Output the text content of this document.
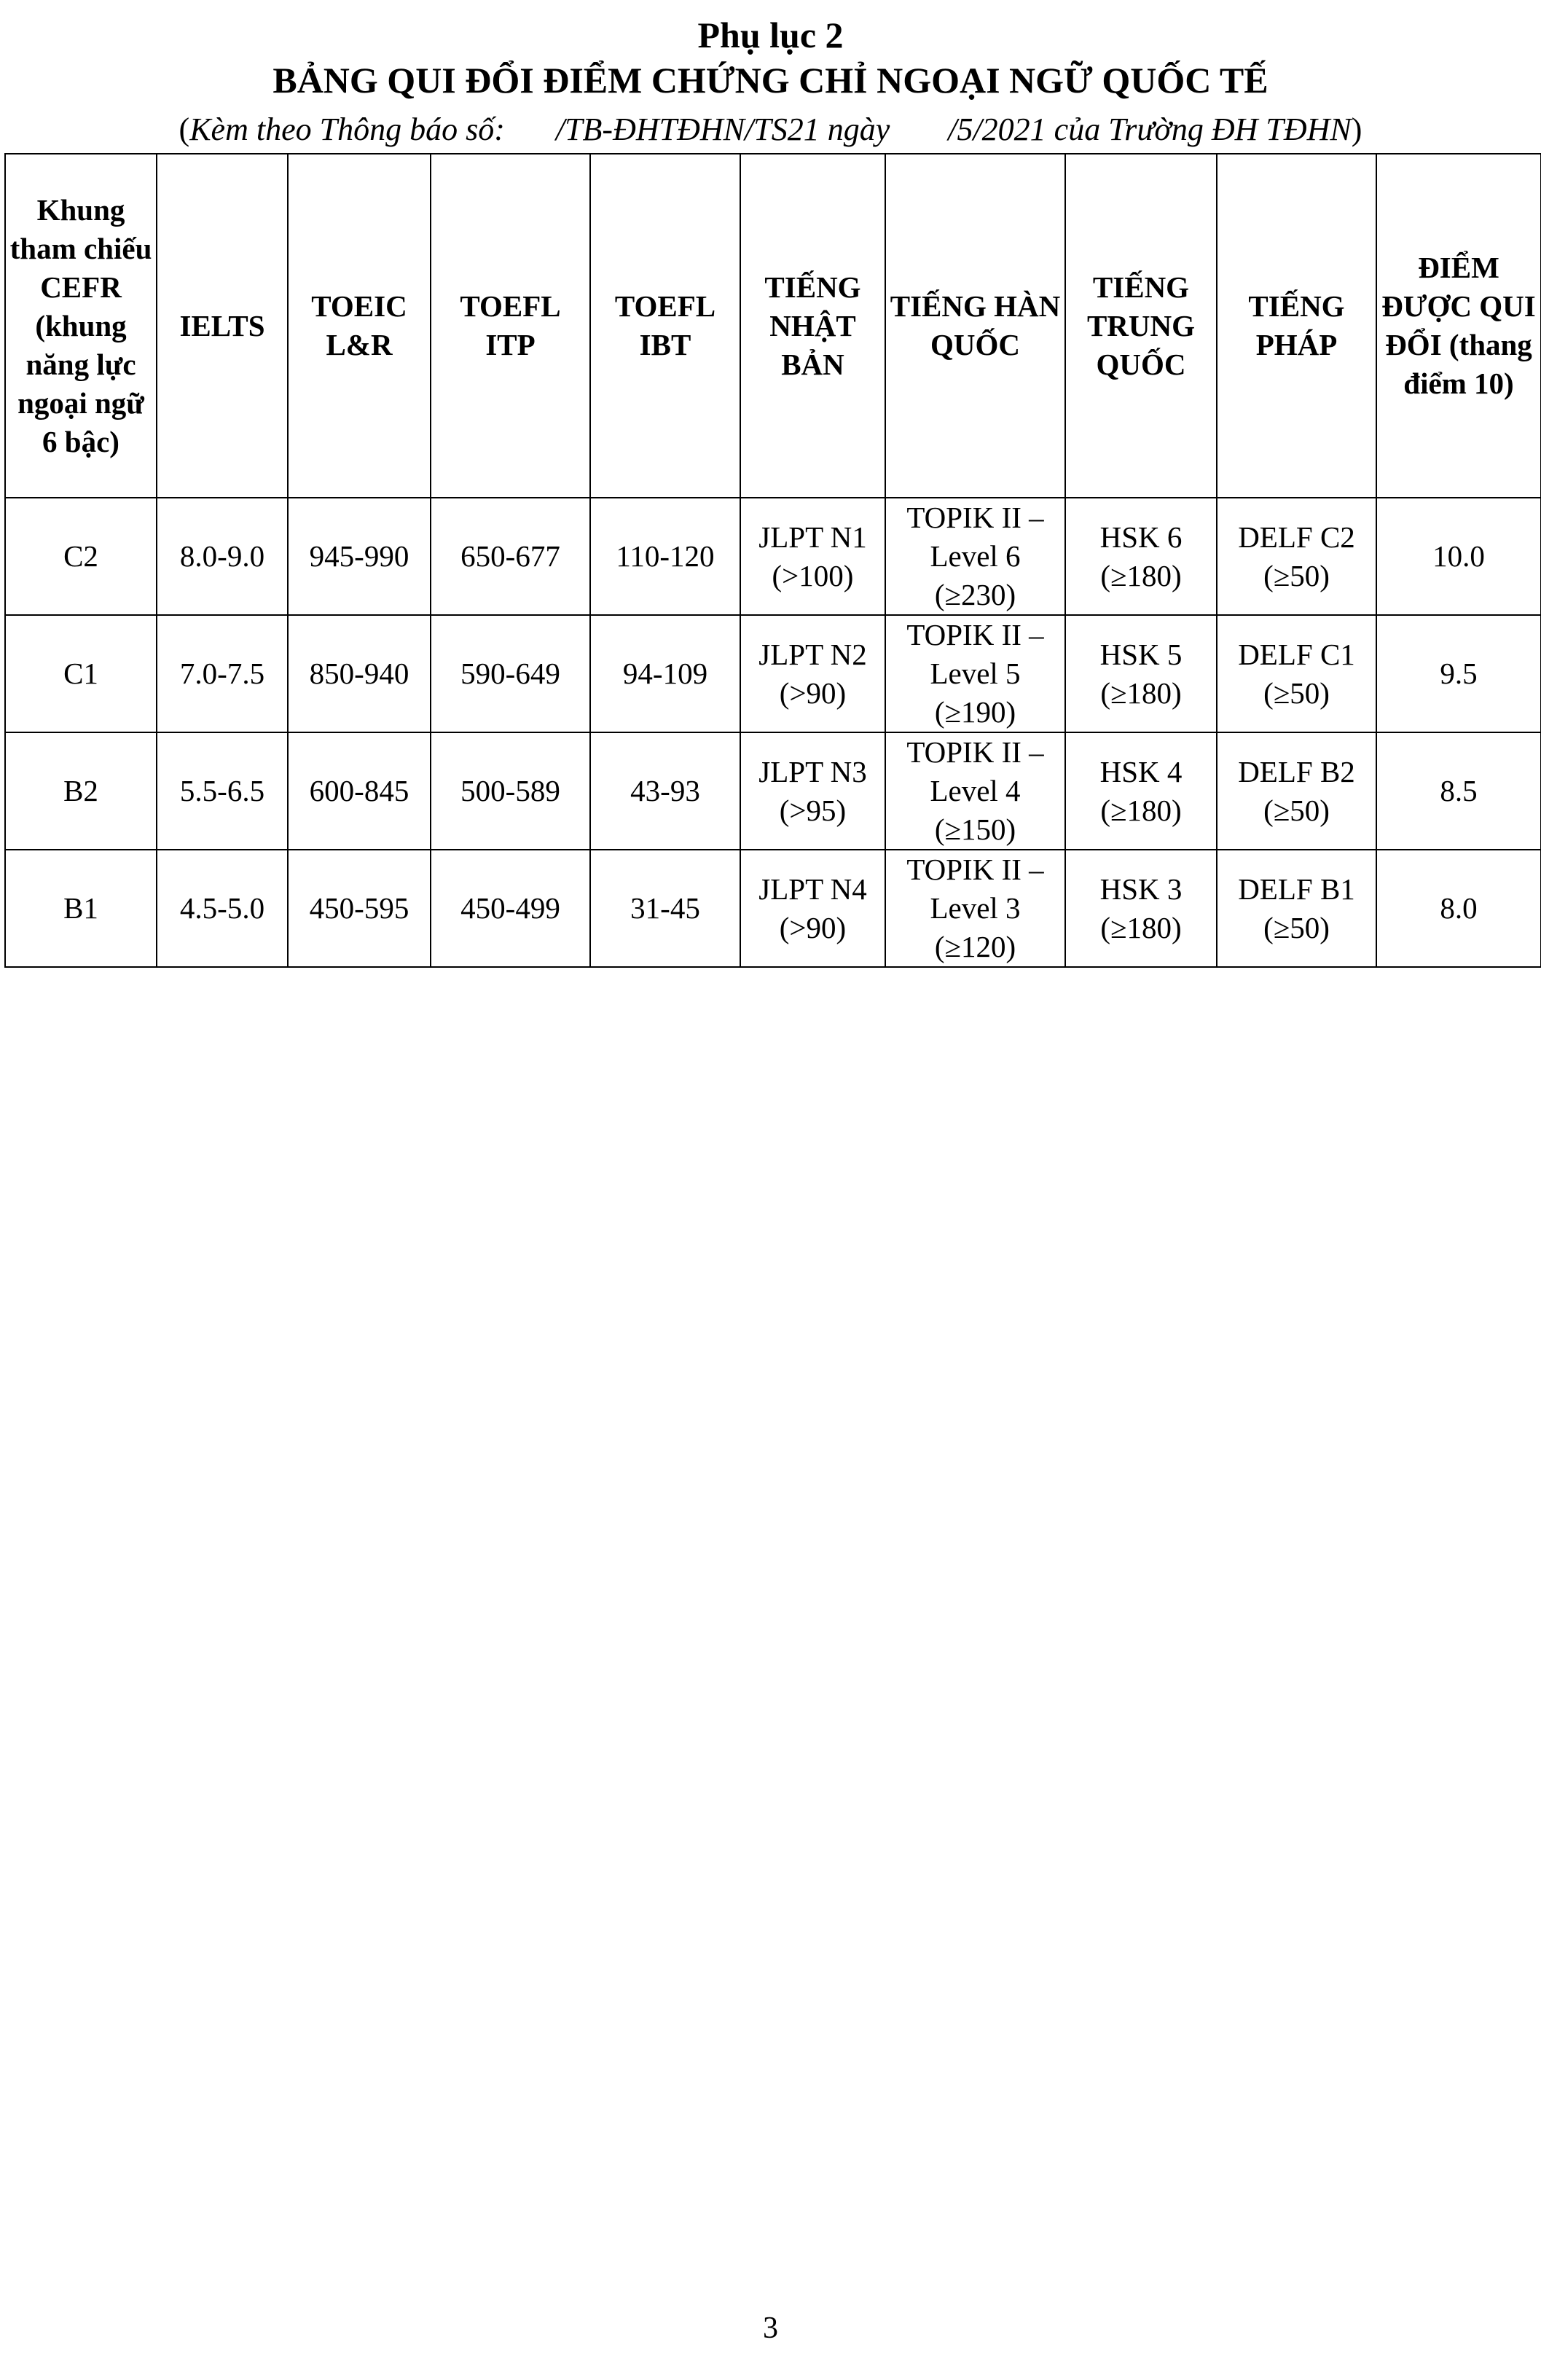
Phụ lục 2
BẢNG QUI ĐỔI ĐIỂM CHỨNG CHỈ NGOẠI NGỮ QUỐC TẾ
(Kèm theo Thông báo số: /TB-ĐHTĐHN/TS21 ngày /5/2021 của Trường ĐH TĐHN)
Khung tham chiếu CEFR (khung năng lực ngoại ngữ 6 bậc)	IELTS	TOEIC L&R	TOEFL ITP	TOEFL IBT	TIẾNG NHẬT BẢN	TIẾNG HÀN QUỐC	TIẾNG TRUNG QUỐC	TIẾNG PHÁP	ĐIỂM ĐƯỢC QUI ĐỔI (thang điểm 10)
C2	8.0-9.0	945-990	650-677	110-120	JLPT N1 (>100)	TOPIK II – Level 6 (≥230)	HSK 6 (≥180)	DELF C2 (≥50)	10.0
C1	7.0-7.5	850-940	590-649	94-109	JLPT N2 (>90)	TOPIK II – Level 5 (≥190)	HSK 5 (≥180)	DELF C1 (≥50)	9.5
B2	5.5-6.5	600-845	500-589	43-93	JLPT N3 (>95)	TOPIK II – Level 4 (≥150)	HSK 4 (≥180)	DELF B2 (≥50)	8.5
B1	4.5-5.0	450-595	450-499	31-45	JLPT N4 (>90)	TOPIK II – Level 3 (≥120)	HSK 3 (≥180)	DELF B1 (≥50)	8.0
3
